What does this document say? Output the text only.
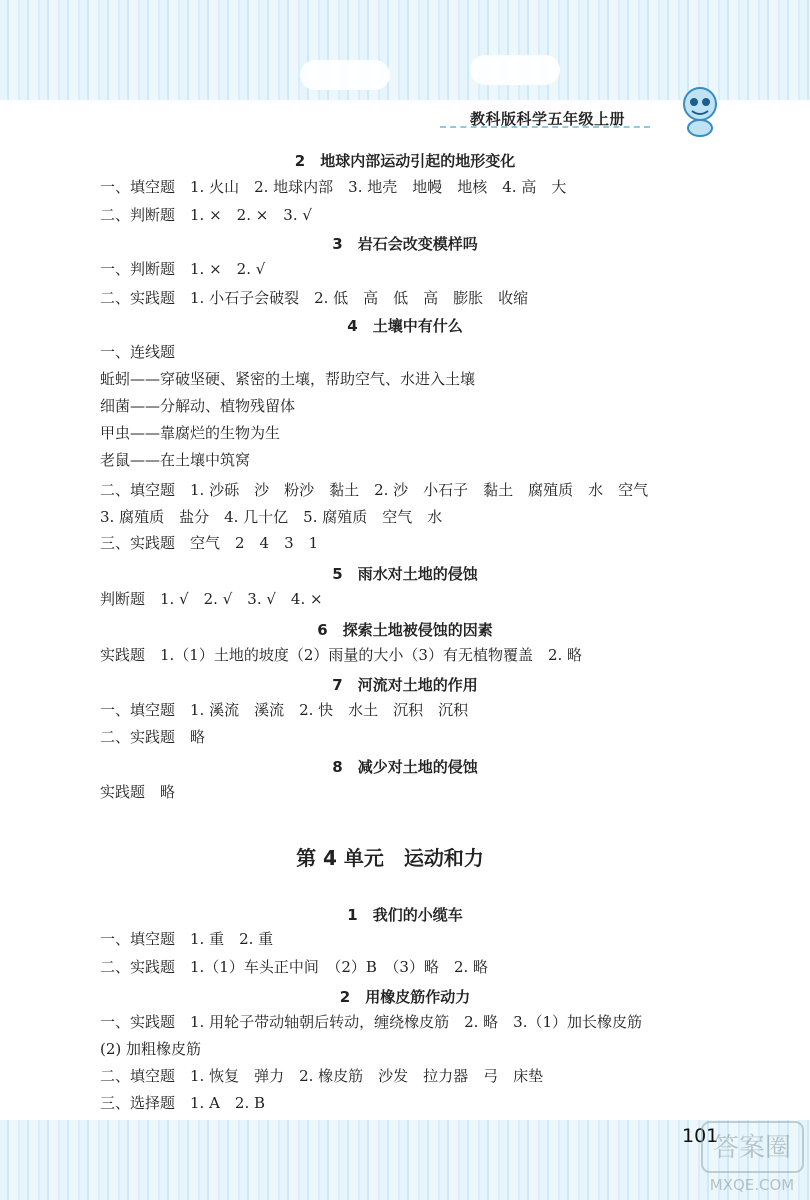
教科版科学五年级上册
2　地球内部运动引起的地形变化
一、填空题　1. 火山　2. 地球内部　3. 地壳　地幔　地核　4. 高　大
二、判断题　1. ×　2. ×　3. √
3　岩石会改变模样吗
一、判断题　1. ×　2. √
二、实践题　1. 小石子会破裂　2. 低　高　低　高　膨胀　收缩
4　土壤中有什么
一、连线题
蚯蚓——穿破坚硬、紧密的土壤，帮助空气、水进入土壤
细菌——分解动、植物残留体
甲虫——靠腐烂的生物为生
老鼠——在土壤中筑窝
二、填空题　1. 沙砾　沙　粉沙　黏土　2. 沙　小石子　黏土　腐殖质　水　空气
3. 腐殖质　盐分　4. 几十亿　5. 腐殖质　空气　水
三、实践题　空气　2　4　3　1
5　雨水对土地的侵蚀
判断题　1. √　2. √　3. √　4. ×
6　探索土地被侵蚀的因素
实践题　1.（1）土地的坡度（2）雨量的大小（3）有无植物覆盖　2. 略
7　河流对土地的作用
一、填空题　1. 溪流　溪流　2. 快　水土　沉积　沉积
二、实践题　略
8　减少对土地的侵蚀
实践题　略
第 4 单元　运动和力
1　我们的小缆车
一、填空题　1. 重　2. 重
二、实践题　1.（1）车头正中间　（2）B　（3）略　2. 略
2　用橡皮筋作动力
一、实践题　1. 用轮子带动轴朝后转动，缠绕橡皮筋　2. 略　3.（1）加长橡皮筋
(2) 加粗橡皮筋
二、填空题　1. 恢复　弹力　2. 橡皮筋　沙发　拉力器　弓　床垫
三、选择题　1. A　2. B
101
答案圈
MXQE.COM
